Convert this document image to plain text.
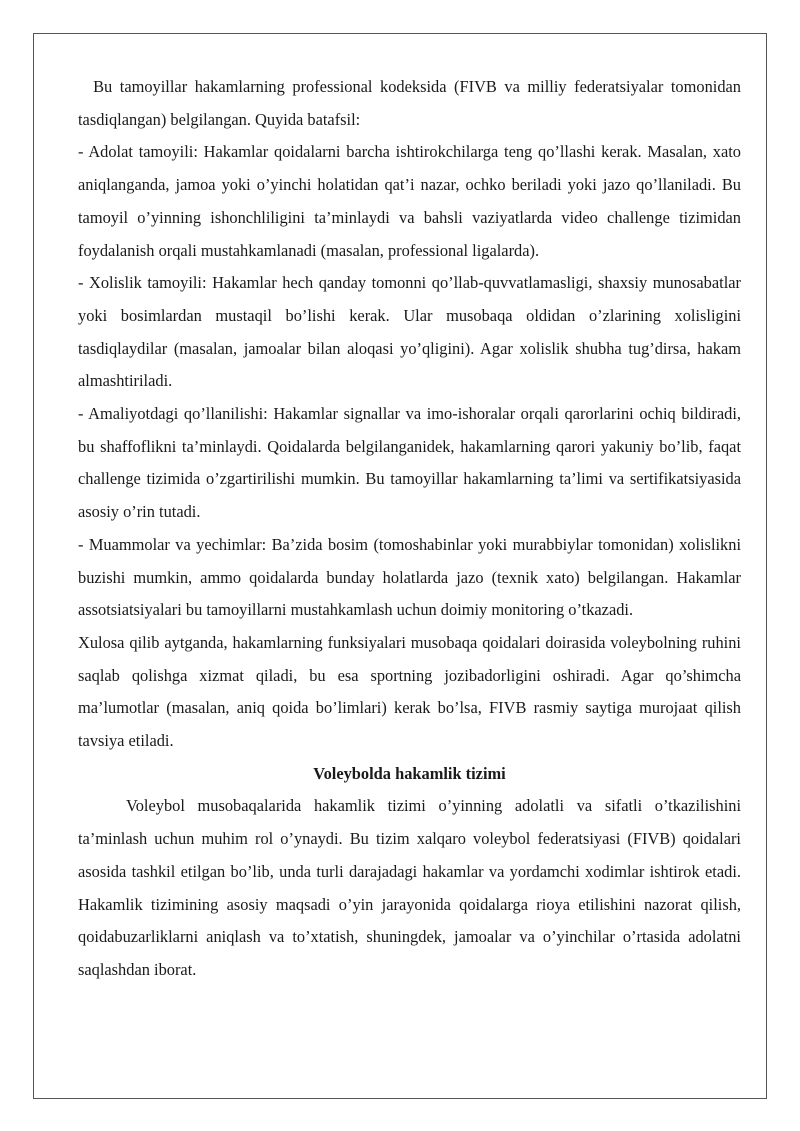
Bu tamoyillar hakamlarning professional kodeksida (FIVB va milliy federatsiyalar tomonidan tasdiqlangan) belgilangan. Quyida batafsil:

- Adolat tamoyili: Hakamlar qoidalarni barcha ishtirokchilarga teng qo’llashi kerak. Masalan, xato aniqlanganda, jamoa yoki o’yinchi holatidan qat’i nazar, ochko beriladi yoki jazo qo’llaniladi. Bu tamoyil o’yinning ishonchliligini ta’minlaydi va bahsli vaziyatlarda video challenge tizimidan foydalanish orqali mustahkamlanadi (masalan, professional ligalarda).

- Xolislik tamoyili: Hakamlar hech qanday tomonni qo’llab-quvvatlamasligi, shaxsiy munosabatlar yoki bosimlardan mustaqil bo’lishi kerak. Ular musobaqa oldidan o’zlarining xolisligini tasdiqlaydilar (masalan, jamoalar bilan aloqasi yo’qligini). Agar xolislik shubha tug’dirsa, hakam almashtiriladi.

- Amaliyotdagi qo’llanilishi: Hakamlar signallar va imo-ishoralar orqali qarorlarini ochiq bildiradi, bu shaffoflikni ta’minlaydi. Qoidalarda belgilanganidek, hakamlarning qarori yakuniy bo’lib, faqat challenge tizimida o’zgartirilishi mumkin. Bu tamoyillar hakamlarning ta’limi va sertifikatsiyasida asosiy o’rin tutadi.

- Muammolar va yechimlar: Ba’zida bosim (tomoshabinlar yoki murabbiylar tomonidan) xolislikni buzishi mumkin, ammo qoidalarda bunday holatlarda jazo (texnik xato) belgilangan. Hakamlar assotsiatsiyalari bu tamoyillarni mustahkamlash uchun doimiy monitoring o’tkazadi.

Xulosa qilib aytganda, hakamlarning funksiyalari musobaqa qoidalari doirasida voleybolning ruhini saqlab qolishga xizmat qiladi, bu esa sportning jozibadorligini oshiradi. Agar qo’shimcha ma’lumotlar (masalan, aniq qoida bo’limlari) kerak bo’lsa, FIVB rasmiy saytiga murojaat qilish tavsiya etiladi.

Voleybolda hakamlik tizimi

Voleybol musobaqalarida hakamlik tizimi o’yinning adolatli va sifatli o’tkazilishini ta’minlash uchun muhim rol o’ynaydi. Bu tizim xalqaro voleybol federatsiyasi (FIVB) qoidalari asosida tashkil etilgan bo’lib, unda turli darajadagi hakamlar va yordamchi xodimlar ishtirok etadi. Hakamlik tizimining asosiy maqsadi o’yin jarayonida qoidalarga rioya etilishini nazorat qilish, qoidabuzarliklarni aniqlash va to’xtatish, shuningdek, jamoalar va o’yinchilar o’rtasida adolatni saqlashdan iborat.
